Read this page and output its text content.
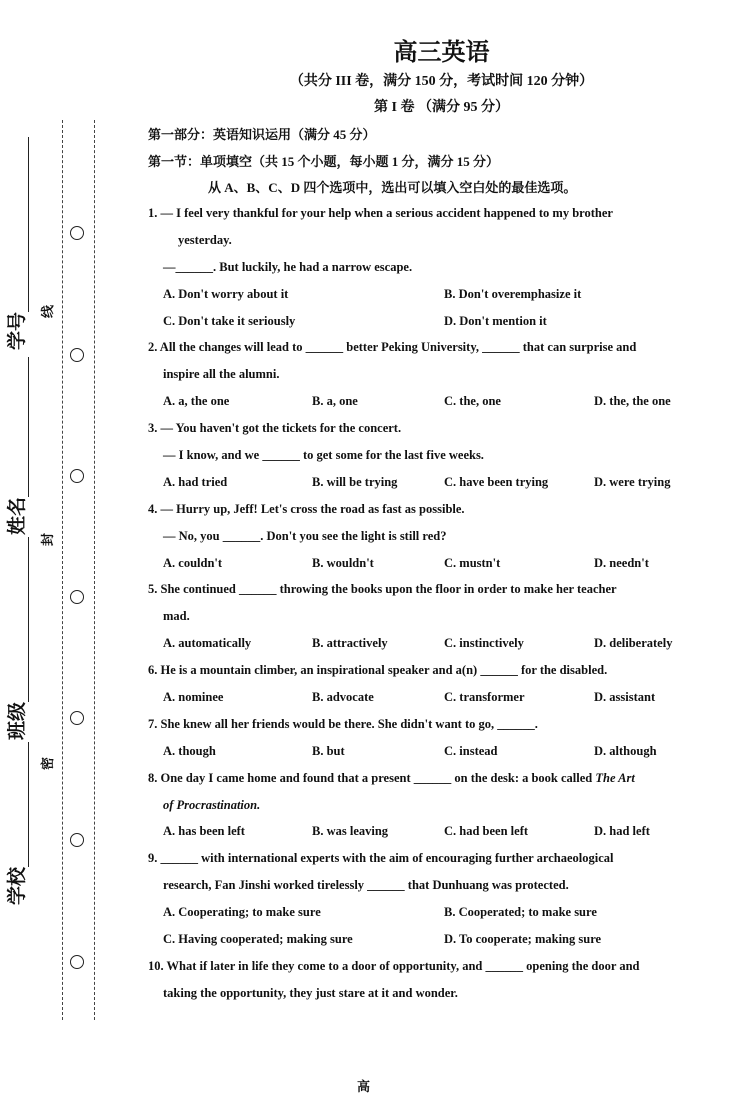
高三英语
（共分 III 卷，满分 150 分，考试时间 120 分钟）
第 I 卷 （满分 95 分）
第一部分：英语知识运用（满分 45 分）
第一节：单项填空（共 15 个小题，每小题 1 分，满分 15 分）
从 A、B、C、D 四个选项中，选出可以填入空白处的最佳选项。
学号
姓名
班级
学校
线
封
密
1. — I feel very thankful for your help when a serious accident happened to my brother
yesterday.
—______. But luckily, he had a narrow escape.
A. Don't worry about it	B. Don't overemphasize it
C. Don't take it seriously	D. Don't mention it
2. All the changes will lead to ______ better Peking University, ______ that can surprise and
inspire all the alumni.
A. a, the one	B. a, one	C. the, one	D. the, the one
3. — You haven't got the tickets for the concert.
— I know, and we ______ to get some for the last five weeks.
A. had tried	B. will be trying	C. have been trying	D. were trying
4. — Hurry up, Jeff! Let's cross the road as fast as possible.
— No, you ______. Don't you see the light is still red?
A. couldn't	B. wouldn't	C. mustn't	D. needn't
5. She continued ______ throwing the books upon the floor in order to make her teacher
mad.
A. automatically	B. attractively	C. instinctively	D. deliberately
6. He is a mountain climber, an inspirational speaker and a(n) ______ for the disabled.
A. nominee	B. advocate	C. transformer	D. assistant
7. She knew all her friends would be there. She didn't want to go, ______.
A. though	B. but	C. instead	D. although
8. One day I came home and found that a present ______ on the desk: a book called The Art
of Procrastination.
A. has been left	B. was leaving	C. had been left	D. had left
9. ______ with international experts with the aim of encouraging further archaeological
research, Fan Jinshi worked tirelessly ______ that Dunhuang was protected.
A. Cooperating; to make sure	B. Cooperated; to make sure
C. Having cooperated; making sure	D. To cooperate; making sure
10. What if later in life they come to a door of opportunity, and ______ opening the door and
taking the opportunity, they just stare at it and wonder.
高
